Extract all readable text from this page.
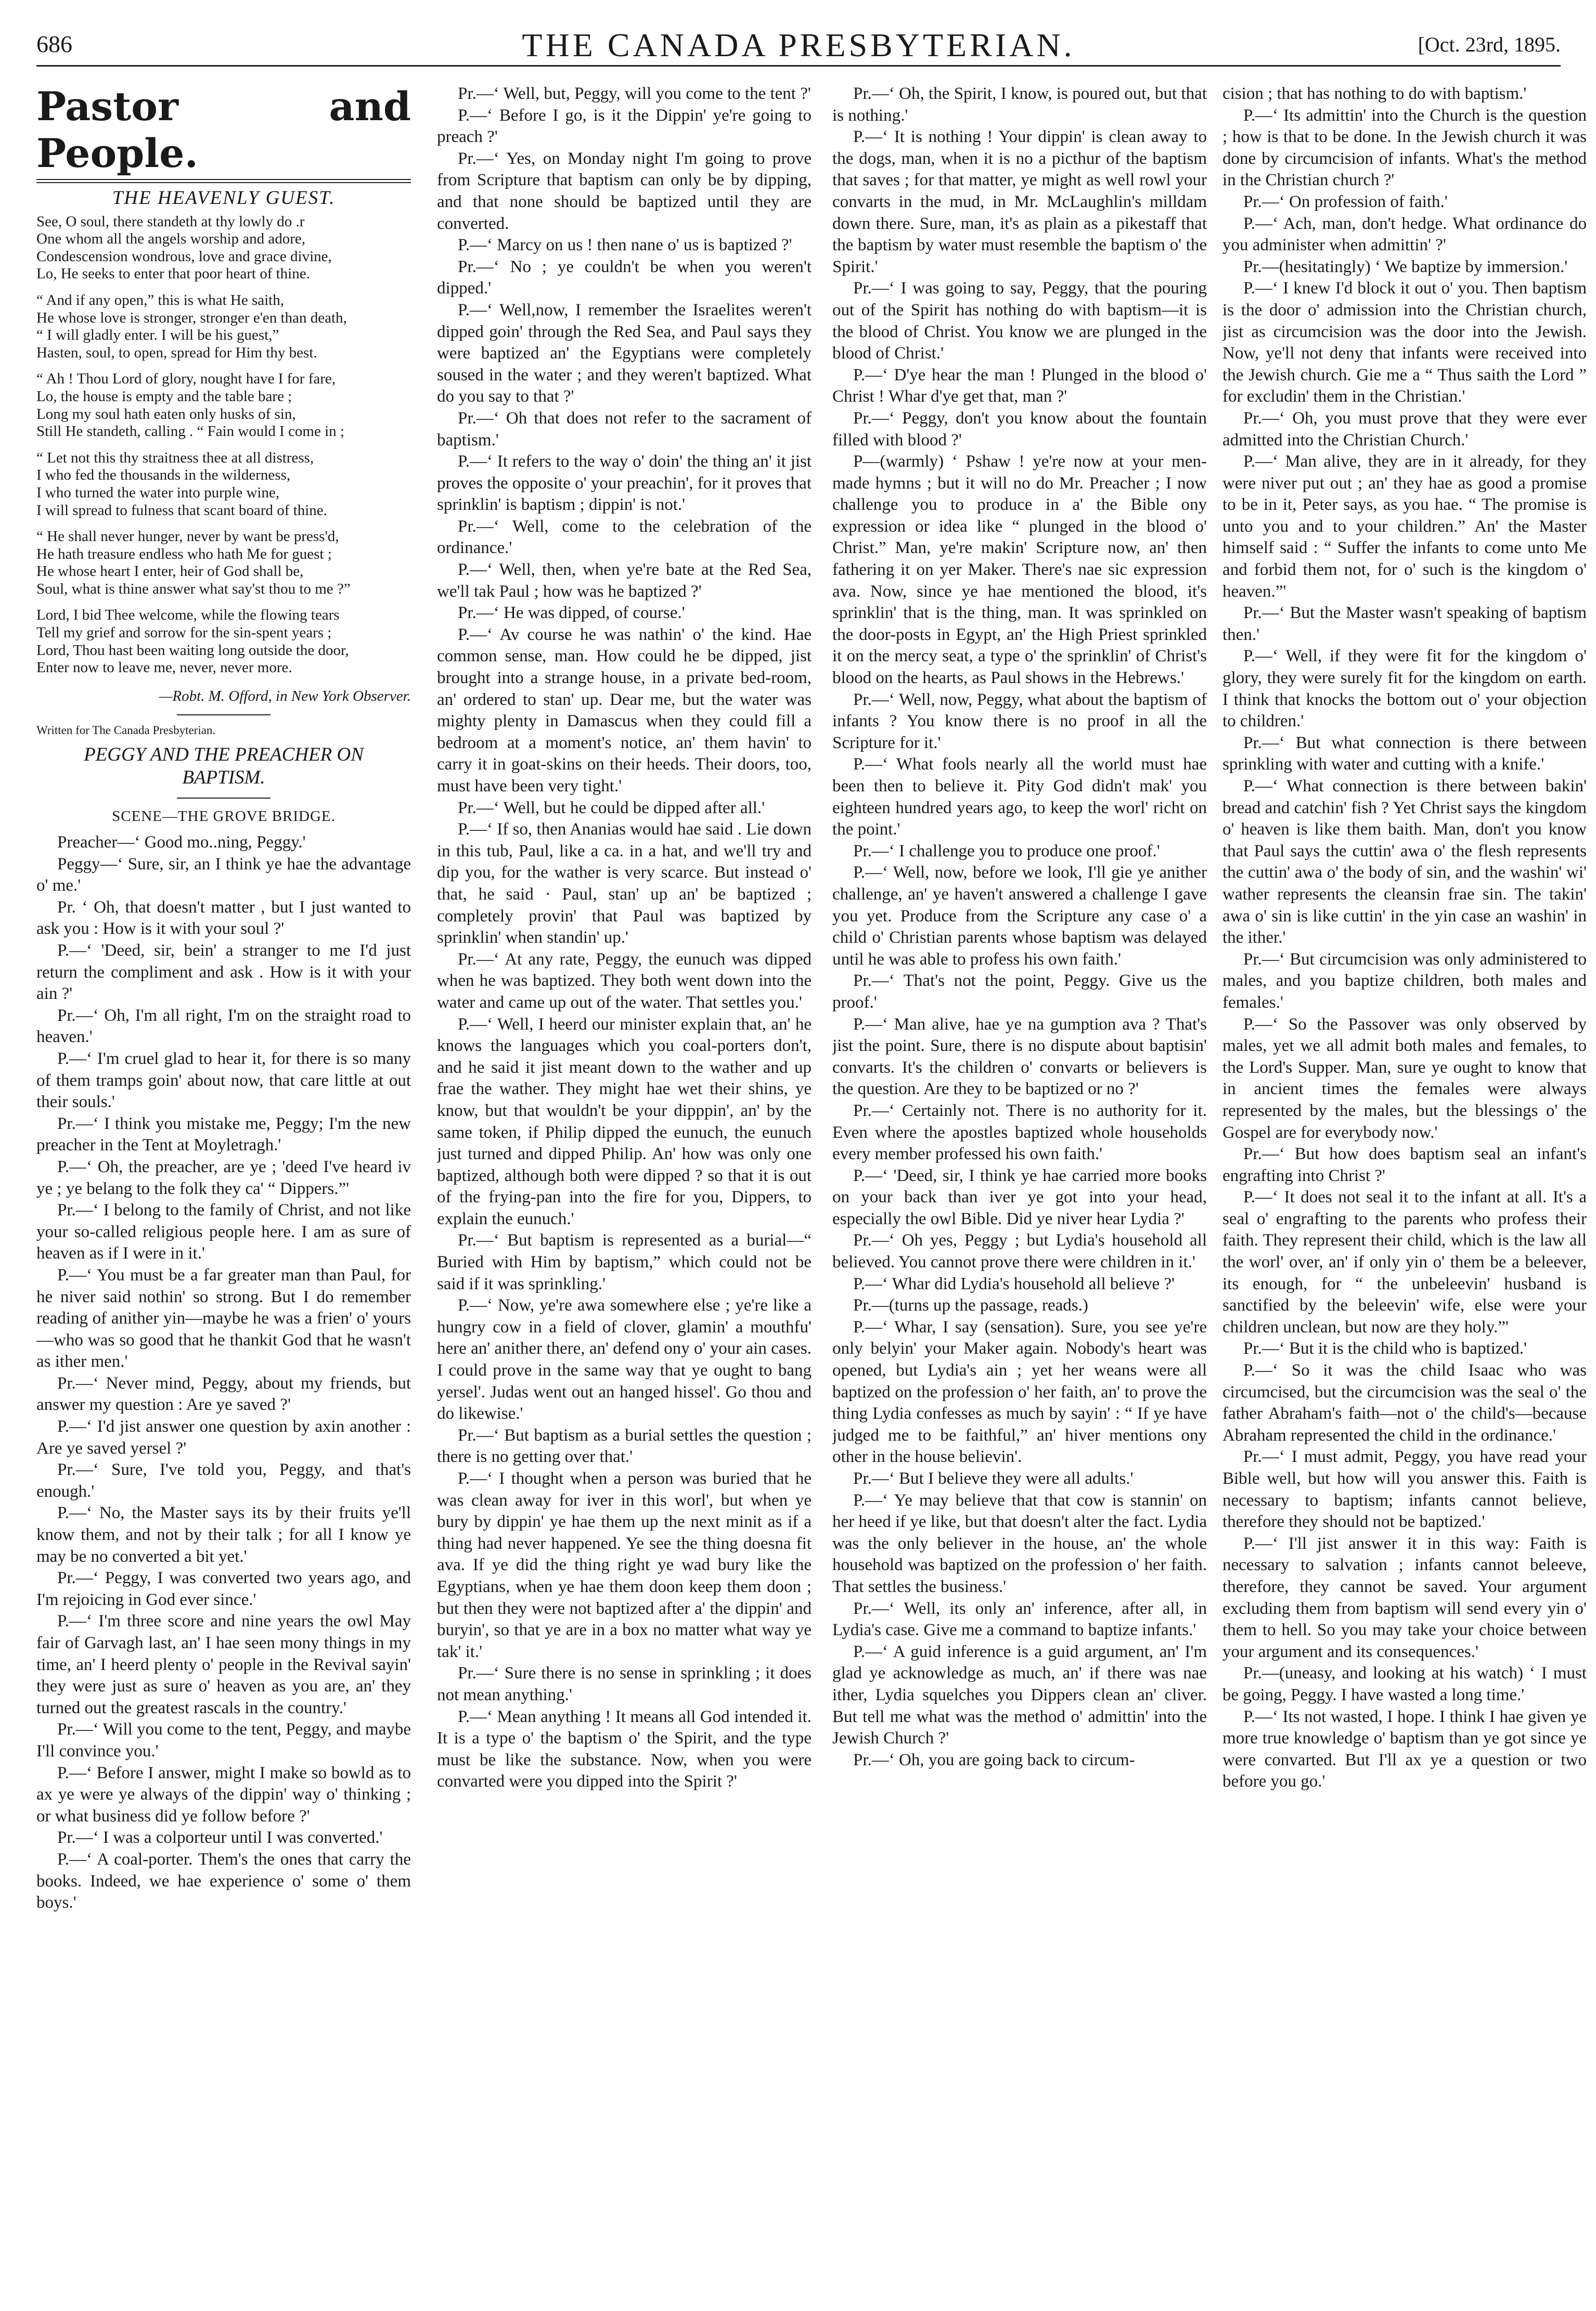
686	THE CANADA PRESBYTERIAN.	[Oct. 23rd, 1895.
Pastor and People.
THE HEAVENLY GUEST.
See, O soul, there standeth at thy lowly do .r
One whom all the angels worship and adore,
Condescension wondrous, love and grace divine,
Lo, He seeks to enter that poor heart of thine.
“ And if any open,” this is what He saith,
He whose love is stronger, stronger e'en than death,
“ I will gladly enter. I will be his guest,”
Hasten, soul, to open, spread for Him thy best.
“ Ah ! Thou Lord of glory, nought have I for fare,
Lo, the house is empty and the table bare ;
Long my soul hath eaten only husks of sin,
Still He standeth, calling . “ Fain would I come in ;
“ Let not this thy straitness thee at all distress,
I who fed the thousands in the wilderness,
I who turned the water into purple wine,
I will spread to fulness that scant board of thine.
“ He shall never hunger, never by want be press'd,
He hath treasure endless who hath Me for guest ;
He whose heart I enter, heir of God shall be,
Soul, what is thine answer what say'st thou to me ?”
Lord, I bid Thee welcome, while the flowing tears
Tell my grief and sorrow for the sin-spent years ;
Lord, Thou hast been waiting long outside the door,
Enter now to leave me, never, never more.
—Robt. M. Offord, in New York Observer.
Written for The Canada Presbyterian.
PEGGY AND THE PREACHER ON
BAPTISM.
SCENE—THE GROVE BRIDGE.

Preacher—‘ Good mo..ning, Peggy.'

Peggy—‘ Sure, sir, an I think ye hae the advantage o' me.'

Pr. ‘ Oh, that doesn't matter , but I just wanted to ask you : How is it with your soul ?'

P.—‘ 'Deed, sir, bein' a stranger to me I'd just return the compliment and ask . How is it with your ain ?'

Pr.—‘ Oh, I'm all right, I'm on the straight road to heaven.'

P.—‘ I'm cruel glad to hear it, for there is so many of them tramps goin' about now, that care little at out their souls.'

Pr.—‘ I think you mistake me, Peggy; I'm the new preacher in the Tent at Moyletragh.'

P.—‘ Oh, the preacher, are ye ; 'deed I've heard iv ye ; ye belang to the folk they ca' “ Dippers.”'

Pr.—‘ I belong to the family of Christ, and not like your so-called religious people here. I am as sure of heaven as if I were in it.'

P.—‘ You must be a far greater man than Paul, for he niver said nothin' so strong. But I do remember reading of anither yin—maybe he was a frien' o' yours—who was so good that he thankit God that he wasn't as ither men.'

Pr.—‘ Never mind, Peggy, about my friends, but answer my question : Are ye saved ?'

P.—‘ I'd jist answer one question by axin another : Are ye saved yersel ?'

Pr.—‘ Sure, I've told you, Peggy, and that's enough.'

P.—‘ No, the Master says its by their fruits ye'll know them, and not by their talk ; for all I know ye may be no converted a bit yet.'

Pr.—‘ Peggy, I was converted two years ago, and I'm rejoicing in God ever since.'

P.—‘ I'm three score and nine years the owl May fair of Garvagh last, an' I hae seen mony things in my time, an' I heerd plenty o' people in the Revival sayin' they were just as sure o' heaven as you are, an' they turned out the greatest rascals in the country.'

Pr.—‘ Will you come to the tent, Peggy, and maybe I'll convince you.'

P.—‘ Before I answer, might I make so bowld as to ax ye were ye always of the dippin' way o' thinking ; or what business did ye follow before ?'

Pr.—‘ I was a colporteur until I was converted.'

P.—‘ A coal-porter. Them's the ones that carry the books. Indeed, we hae experience o' some o' them boys.'

Pr.—‘ Well, but, Peggy, will you come to the tent ?'

P.—‘ Before I go, is it the Dippin' ye're going to preach ?'

Pr.—‘ Yes, on Monday night I'm going to prove from Scripture that baptism can only be by dipping, and that none should be baptized until they are converted.

P.—‘ Marcy on us ! then nane o' us is baptized ?'

Pr.—‘ No ; ye couldn't be when you weren't dipped.'

P.—‘ Well,now, I remember the Israelites weren't dipped goin' through the Red Sea, and Paul says they were baptized an' the Egyptians were completely soused in the water ; and they weren't baptized. What do you say to that ?'

Pr.—‘ Oh that does not refer to the sacrament of baptism.'

P.—‘ It refers to the way o' doin' the thing an' it jist proves the opposite o' your preachin', for it proves that sprinklin' is baptism ; dippin' is not.'

Pr.—‘ Well, come to the celebration of the ordinance.'

P.—‘ Well, then, when ye're bate at the Red Sea, we'll tak Paul ; how was he baptized ?'

Pr.—‘ He was dipped, of course.'

P.—‘ Av course he was nathin' o' the kind. Hae common sense, man. How could he be dipped, jist brought into a strange house, in a private bed-room, an' ordered to stan' up. Dear me, but the water was mighty plenty in Damascus when they could fill a bedroom at a moment's notice, an' them havin' to carry it in goat-skins on their heeds. Their doors, too, must have been very tight.'

Pr.—‘ Well, but he could be dipped after all.'

P.—‘ If so, then Ananias would hae said . Lie down in this tub, Paul, like a ca. in a hat, and we'll try and dip you, for the wather is very scarce. But instead o' that, he said · Paul, stan' up an' be baptized ; completely provin' that Paul was baptized by sprinklin' when standin' up.'

Pr.—‘ At any rate, Peggy, the eunuch was dipped when he was baptized. They both went down into the water and came up out of the water. That settles you.'

P.—‘ Well, I heerd our minister explain that, an' he knows the languages which you coal-porters don't, and he said it jist meant down to the wather and up frae the wather. They might hae wet their shins, ye know, but that wouldn't be your dipppin', an' by the same token, if Philip dipped the eunuch, the eunuch just turned and dipped Philip. An' how was only one baptized, although both were dipped ? so that it is out of the frying-pan into the fire for you, Dippers, to explain the eunuch.'

Pr.—‘ But baptism is represented as a burial—“ Buried with Him by baptism,” which could not be said if it was sprinkling.'

P.—‘ Now, ye're awa somewhere else ; ye're like a hungry cow in a field of clover, glamin' a mouthfu' here an' anither there, an' defend ony o' your ain cases. I could prove in the same way that ye ought to bang yersel'. Judas went out an hanged hissel'. Go thou and do likewise.'

Pr.—‘ But baptism as a burial settles the question ; there is no getting over that.'

P.—‘ I thought when a person was buried that he was clean away for iver in this worl', but when ye bury by dippin' ye hae them up the next minit as if a thing had never happened. Ye see the thing doesna fit ava. If ye did the thing right ye wad bury like the Egyptians, when ye hae them doon keep them doon ; but then they were not baptized after a' the dippin' and buryin', so that ye are in a box no matter what way ye tak' it.'

Pr.—‘ Sure there is no sense in sprinkling ; it does not mean anything.'

P.—‘ Mean anything ! It means all God intended it. It is a type o' the baptism o' the Spirit, and the type must be like the substance. Now, when you were convarted were you dipped into the Spirit ?'

Pr.—‘ Oh, the Spirit, I know, is poured out, but that is nothing.'

P.—‘ It is nothing ! Your dippin' is clean away to the dogs, man, when it is no a picthur of the baptism that saves ; for that matter, ye might as well rowl your convarts in the mud, in Mr. McLaughlin's milldam down there. Sure, man, it's as plain as a pikestaff that the baptism by water must resemble the baptism o' the Spirit.'

Pr.—‘ I was going to say, Peggy, that the pouring out of the Spirit has nothing do with baptism—it is the blood of Christ. You know we are plunged in the blood of Christ.'

P.—‘ D'ye hear the man ! Plunged in the blood o' Christ ! Whar d'ye get that, man ?'

Pr.—‘ Peggy, don't you know about the fountain filled with blood ?'

P—(warmly) ‘ Pshaw ! ye're now at your men-made hymns ; but it will no do Mr. Preacher ; I now challenge you to produce in a' the Bible ony expression or idea like “ plunged in the blood o' Christ.” Man, ye're makin' Scripture now, an' then fathering it on yer Maker. There's nae sic expression ava. Now, since ye hae mentioned the blood, it's sprinklin' that is the thing, man. It was sprinkled on the door-posts in Egypt, an' the High Priest sprinkled it on the mercy seat, a type o' the sprinklin' of Christ's blood on the hearts, as Paul shows in the Hebrews.'

Pr.—‘ Well, now, Peggy, what about the baptism of infants ? You know there is no proof in all the Scripture for it.'

P.—‘ What fools nearly all the world must hae been then to believe it. Pity God didn't mak' you eighteen hundred years ago, to keep the worl' richt on the point.'

Pr.—‘ I challenge you to produce one proof.'

P.—‘ Well, now, before we look, I'll gie ye anither challenge, an' ye haven't answered a challenge I gave you yet. Produce from the Scripture any case o' a child o' Christian parents whose baptism was delayed until he was able to profess his own faith.'

Pr.—‘ That's not the point, Peggy. Give us the proof.'

P.—‘ Man alive, hae ye na gumption ava ? That's jist the point. Sure, there is no dispute about baptisin' convarts. It's the children o' convarts or believers is the question. Are they to be baptized or no ?'

Pr.—‘ Certainly not. There is no authority for it. Even where the apostles baptized whole households every member professed his own faith.'

P.—‘ 'Deed, sir, I think ye hae carried more books on your back than iver ye got into your head, especially the owl Bible. Did ye niver hear Lydia ?'

Pr.—‘ Oh yes, Peggy ; but Lydia's household all believed. You cannot prove there were children in it.'

P.—‘ Whar did Lydia's household all believe ?'

Pr.—(turns up the passage, reads.)

P.—‘ Whar, I say (sensation). Sure, you see ye're only belyin' your Maker again. Nobody's heart was opened, but Lydia's ain ; yet her weans were all baptized on the profession o' her faith, an' to prove the thing Lydia confesses as much by sayin' : “ If ye have judged me to be faithful,” an' hiver mentions ony other in the house believin'.

Pr.—‘ But I believe they were all adults.'

P.—‘ Ye may believe that that cow is stannin' on her heed if ye like, but that doesn't alter the fact. Lydia was the only believer in the house, an' the whole household was baptized on the profession o' her faith. That settles the business.'

Pr.—‘ Well, its only an' inference, after all, in Lydia's case. Give me a command to baptize infants.'

P.—‘ A guid inference is a guid argument, an' I'm glad ye acknowledge as much, an' if there was nae ither, Lydia squelches you Dippers clean an' cliver. But tell me what was the method o' admittin' into the Jewish Church ?'

Pr.—‘ Oh, you are going back to circum-

cision ; that has nothing to do with baptism.'

P.—‘ Its admittin' into the Church is the question ; how is that to be done. In the Jewish church it was done by circumcision of infants. What's the method in the Christian church ?'

Pr.—‘ On profession of faith.'

P.—‘ Ach, man, don't hedge. What ordinance do you administer when admittin' ?'

Pr.—(hesitatingly) ‘ We baptize by immersion.'

P.—‘ I knew I'd block it out o' you. Then baptism is the door o' admission into the Christian church, jist as circumcision was the door into the Jewish. Now, ye'll not deny that infants were received into the Jewish church. Gie me a “ Thus saith the Lord ” for excludin' them in the Christian.'

Pr.—‘ Oh, you must prove that they were ever admitted into the Christian Church.'

P.—‘ Man alive, they are in it already, for they were niver put out ; an' they hae as good a promise to be in it, Peter says, as you hae. “ The promise is unto you and to your children.” An' the Master himself said : “ Suffer the infants to come unto Me and forbid them not, for o' such is the kingdom o' heaven.”'

Pr.—‘ But the Master wasn't speaking of baptism then.'

P.—‘ Well, if they were fit for the kingdom o' glory, they were surely fit for the kingdom on earth. I think that knocks the bottom out o' your objection to children.'

Pr.—‘ But what connection is there between sprinkling with water and cutting with a knife.'

P.—‘ What connection is there between bakin' bread and catchin' fish ? Yet Christ says the kingdom o' heaven is like them baith. Man, don't you know that Paul says the cuttin' awa o' the flesh represents the cuttin' awa o' the body of sin, and the washin' wi' wather represents the cleansin frae sin. The takin' awa o' sin is like cuttin' in the yin case an washin' in the ither.'

Pr.—‘ But circumcision was only administered to males, and you baptize children, both males and females.'

P.—‘ So the Passover was only observed by males, yet we all admit both males and females, to the Lord's Supper. Man, sure ye ought to know that in ancient times the females were always represented by the males, but the blessings o' the Gospel are for everybody now.'

Pr.—‘ But how does baptism seal an infant's engrafting into Christ ?'

P.—‘ It does not seal it to the infant at all. It's a seal o' engrafting to the parents who profess their faith. They represent their child, which is the law all the worl' over, an' if only yin o' them be a beleever, its enough, for “ the unbeleevin' husband is sanctified by the beleevin' wife, else were your children unclean, but now are they holy.”'

Pr.—‘ But it is the child who is baptized.'

P.—‘ So it was the child Isaac who was circumcised, but the circumcision was the seal o' the father Abraham's faith—not o' the child's—because Abraham represented the child in the ordinance.'

Pr.—‘ I must admit, Peggy, you have read your Bible well, but how will you answer this. Faith is necessary to baptism; infants cannot believe, therefore they should not be baptized.'

P.—‘ I'll jist answer it in this way: Faith is necessary to salvation ; infants cannot beleeve, therefore, they cannot be saved. Your argument excluding them from baptism will send every yin o' them to hell. So you may take your choice between your argument and its consequences.'

Pr.—(uneasy, and looking at his watch) ‘ I must be going, Peggy. I have wasted a long time.'

P.—‘ Its not wasted, I hope. I think I hae given ye more true knowledge o' baptism than ye got since ye were convarted. But I'll ax ye a question or two before you go.'
